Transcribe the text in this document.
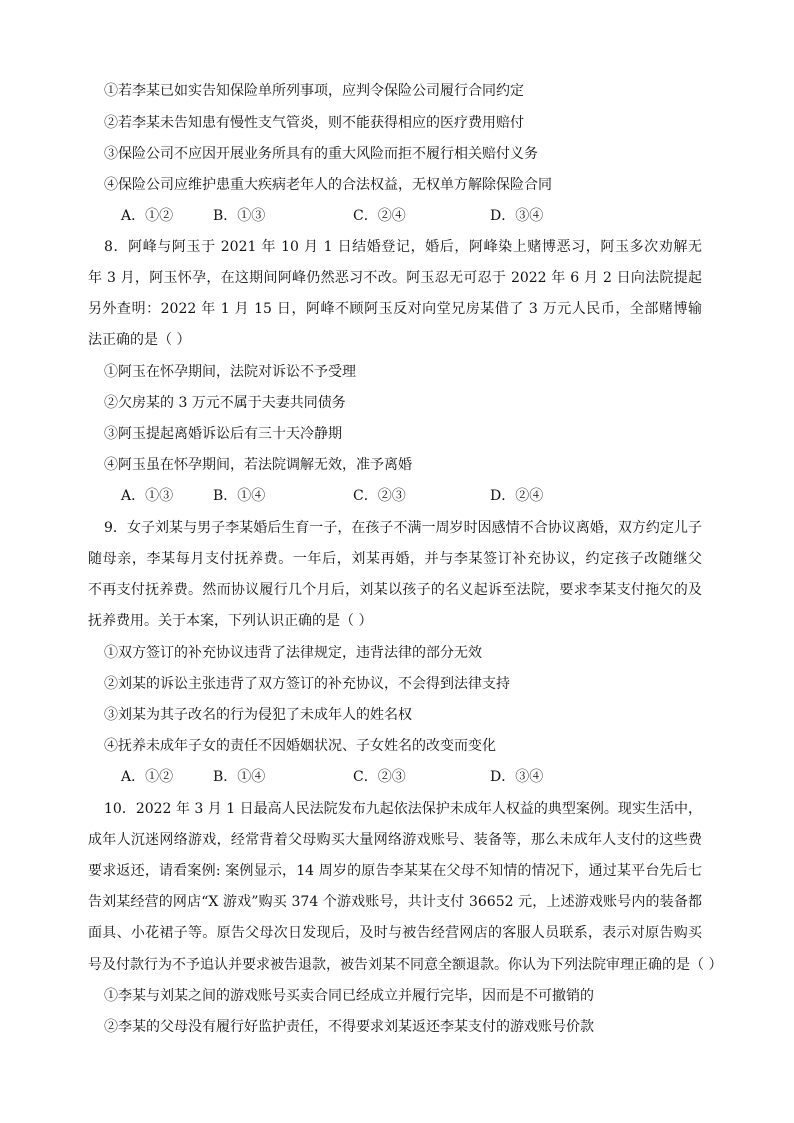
①若李某已如实告知保险单所列事项，应判令保险公司履行合同约定
②若李某未告知患有慢性支气管炎，则不能获得相应的医疗费用赔付
③保险公司不应因开展业务所具有的重大风险而拒不履行相关赔付义务
④保险公司应维护患重大疾病老年人的合法权益，无权单方解除保险合同
A．①②	B．①③	C．②④	D．③④
8．阿峰与阿玉于 2021 年 10 月 1 日结婚登记，婚后，阿峰染上赌博恶习，阿玉多次劝解无
年 3 月，阿玉怀孕，在这期间阿峰仍然恶习不改。阿玉忍无可忍于 2022 年 6 月 2 日向法院提起
另外查明：2022 年 1 月 15 日，阿峰不顾阿玉反对向堂兄房某借了 3 万元人民币，全部赌博输
法正确的是（ ）
①阿玉在怀孕期间，法院对诉讼不予受理
②欠房某的 3 万元不属于夫妻共同债务
③阿玉提起离婚诉讼后有三十天冷静期
④阿玉虽在怀孕期间，若法院调解无效，准予离婚
A．①③	B．①④	C．②③	D．②④
9．女子刘某与男子李某婚后生育一子，在孩子不满一周岁时因感情不合协议离婚，双方约定儿子
随母亲，李某每月支付抚养费。一年后，刘某再婚，并与李某签订补充协议，约定孩子改随继父
不再支付抚养费。然而协议履行几个月后，刘某以孩子的名义起诉至法院，要求李某支付拖欠的及
抚养费用。关于本案，下列认识正确的是（ ）
①双方签订的补充协议违背了法律规定，违背法律的部分无效
②刘某的诉讼主张违背了双方签订的补充协议，不会得到法律支持
③刘某为其子改名的行为侵犯了未成年人的姓名权
④抚养未成年子女的责任不因婚姻状况、子女姓名的改变而变化
A．①②	B．①④	C．②③	D．③④
10．2022 年 3 月 1 日最高人民法院发布九起依法保护未成年人权益的典型案例。现实生活中，
成年人沉迷网络游戏，经常背着父母购买大量网络游戏账号、装备等，那么未成年人支付的这些费
要求返还，请看案例: 案例显示，14 周岁的原告李某某在父母不知情的情况下，通过某平台先后七
告刘某经营的网店“X 游戏”购买 374 个游戏账号，共计支付 36652 元，上述游戏账号内的装备都
面具、小花裙子等。原告父母次日发现后，及时与被告经营网店的客服人员联系，表示对原告购买
号及付款行为不予追认并要求被告退款，被告刘某不同意全额退款。你认为下列法院审理正确的是（ ）
①李某与刘某之间的游戏账号买卖合同已经成立并履行完毕，因而是不可撤销的
②李某的父母没有履行好监护责任，不得要求刘某返还李某支付的游戏账号价款
